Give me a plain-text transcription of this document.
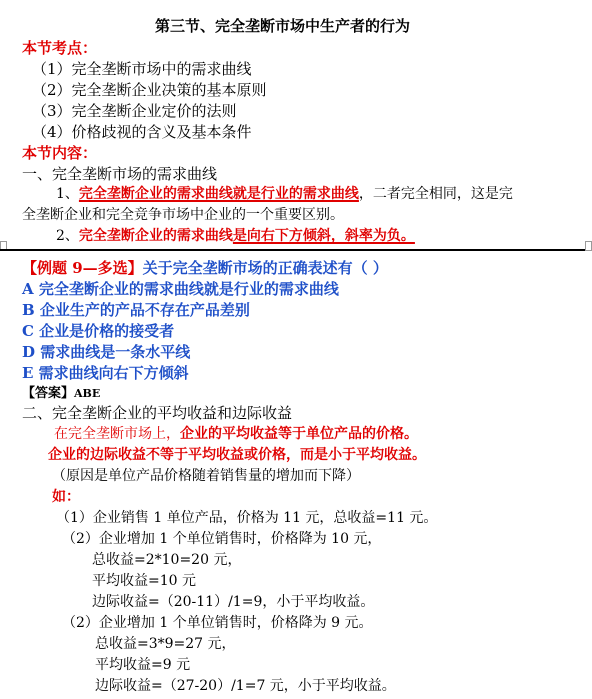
第三节、完全垄断市场中生产者的行为
本节考点：
（1）完全垄断市场中的需求曲线
（2）完全垄断企业决策的基本原则
（3）完全垄断企业定价的法则
（4）价格歧视的含义及基本条件
本节内容：
一、完全垄断市场的需求曲线
1、完全垄断企业的需求曲线就是行业的需求曲线，二者完全相同，这是完
全垄断企业和完全竞争市场中企业的一个重要区别。
2、完全垄断企业的需求曲线是向右下方倾斜，斜率为负。
【例题 9—多选】关于完全垄断市场的正确表述有（ ）
A 完全垄断企业的需求曲线就是行业的需求曲线
B 企业生产的产品不存在产品差别
C 企业是价格的接受者
D 需求曲线是一条水平线
E 需求曲线向右下方倾斜
【答案】ABE
二、完全垄断企业的平均收益和边际收益
在完全垄断市场上，企业的平均收益等于单位产品的价格。
企业的边际收益不等于平均收益或价格，而是小于平均收益。
（原因是单位产品价格随着销售量的增加而下降）
如：
（1）企业销售 1 单位产品，价格为 11 元，总收益=11 元。
（2）企业增加 1 个单位销售时，价格降为 10 元，
总收益=2*10=20 元，
平均收益=10 元
边际收益=（20-11）/1=9，小于平均收益。
（2）企业增加 1 个单位销售时，价格降为 9 元。
总收益=3*9=27 元，
平均收益=9 元
边际收益=（27-20）/1=7 元，小于平均收益。
